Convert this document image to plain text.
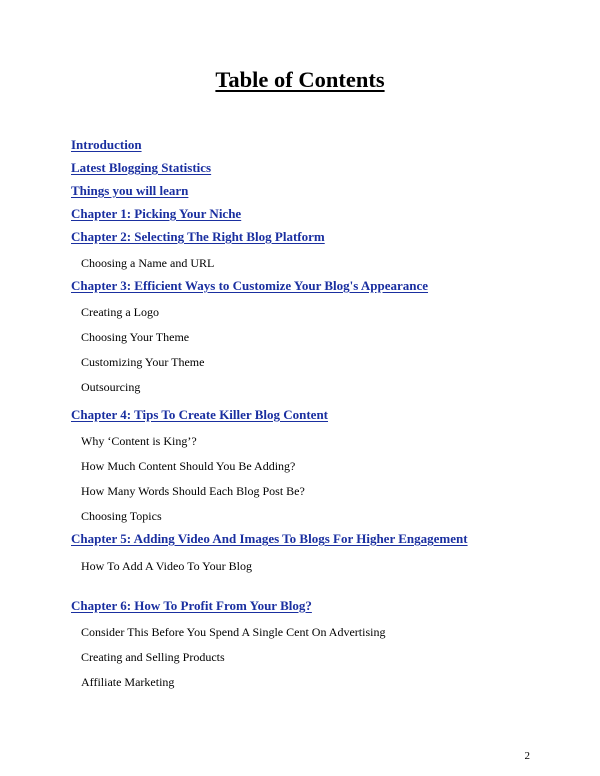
Table of Contents
Introduction
Latest Blogging Statistics
Things you will learn
Chapter 1: Picking Your Niche
Chapter 2: Selecting The Right Blog Platform
Choosing a Name and URL
Chapter 3: Efficient Ways to Customize Your Blog's Appearance
Creating a Logo
Choosing Your Theme
Customizing Your Theme
Outsourcing
Chapter 4: Tips To Create Killer Blog Content
Why ‘Content is King’?
How Much Content Should You Be Adding?
How Many Words Should Each Blog Post Be?
Choosing Topics
Chapter 5: Adding Video And Images To Blogs For Higher Engagement
How To Add A Video To Your Blog
Chapter 6: How To Profit From Your Blog?
Consider This Before You Spend A Single Cent On Advertising
Creating and Selling Products
Affiliate Marketing
2
